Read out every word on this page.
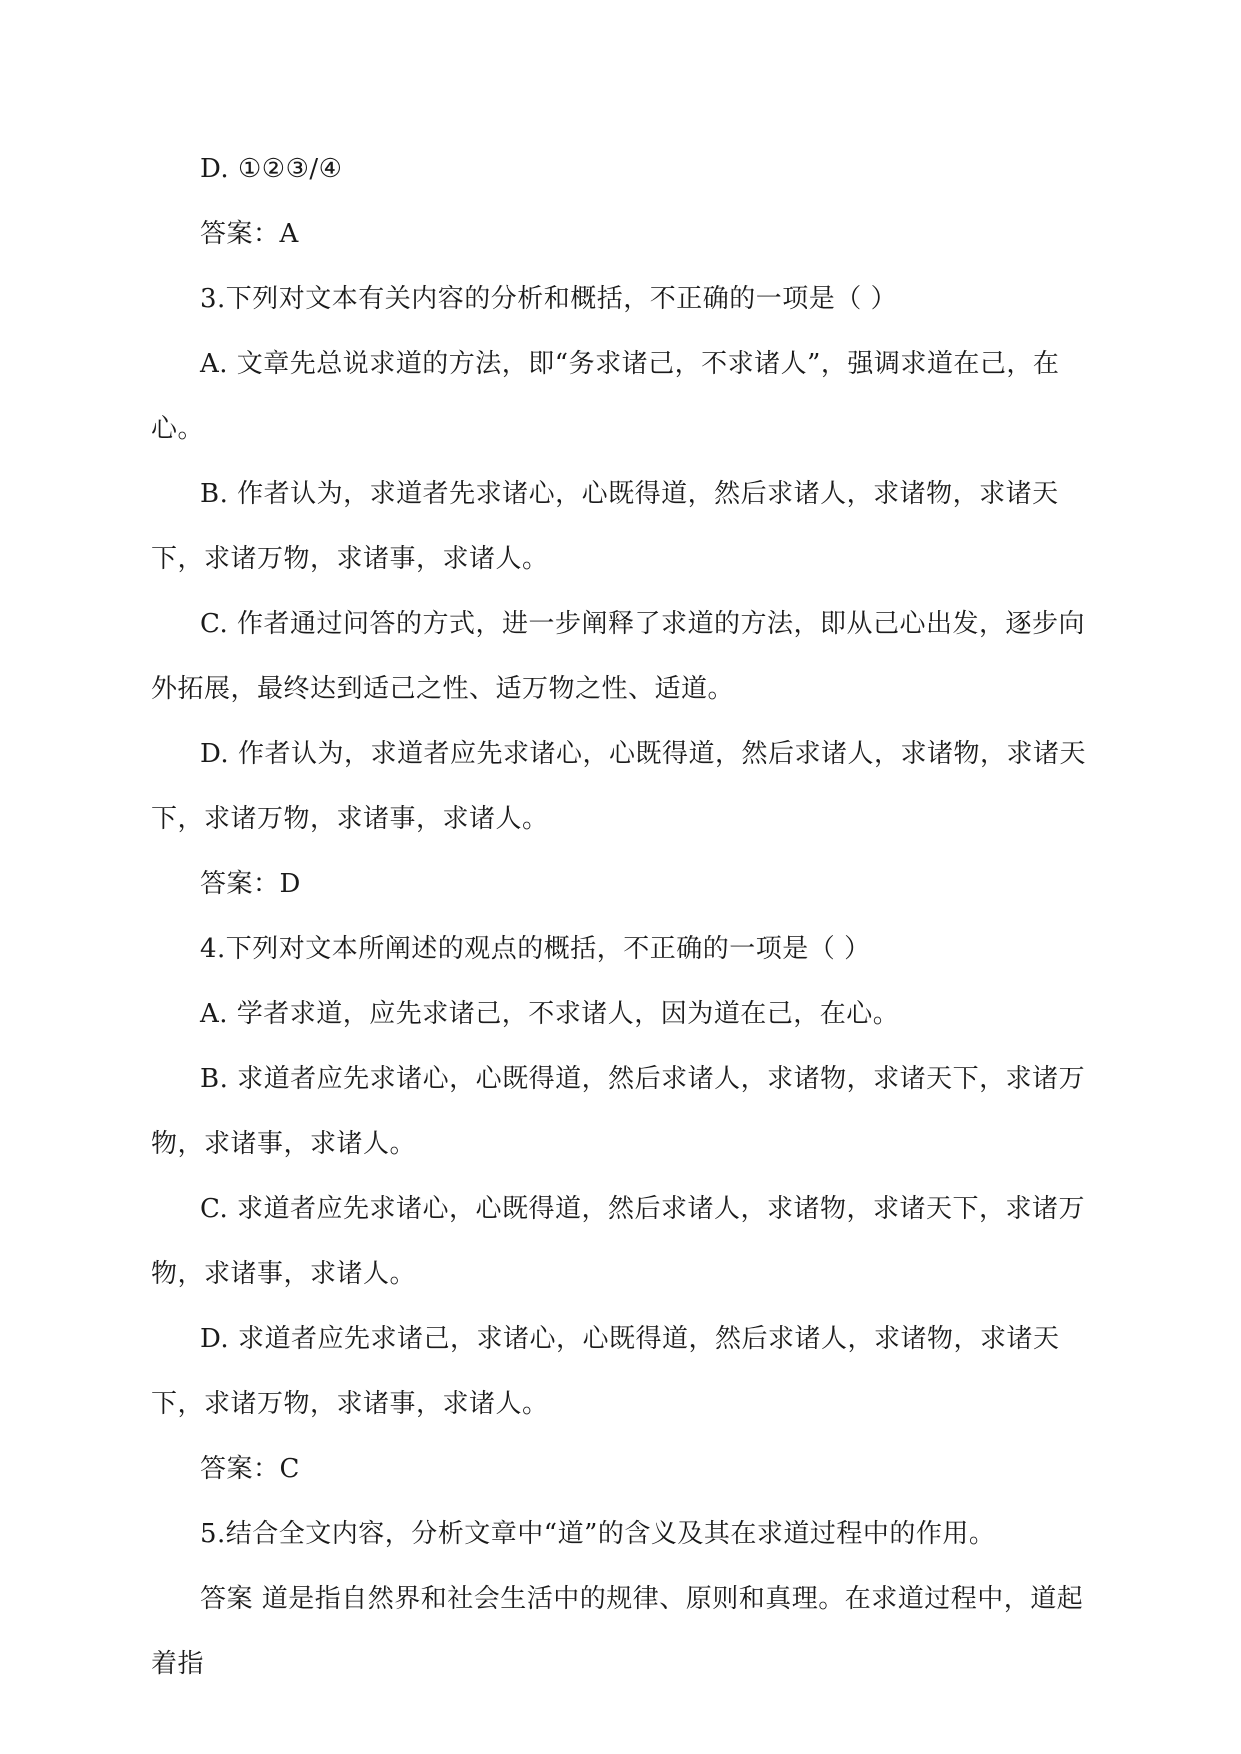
D. ①②③/④

答案：A

3.下列对文本有关内容的分析和概括，不正确的一项是（ ）

A. 文章先总说求道的方法，即“务求诸己，不求诸人”，强调求道在己，在心。

B. 作者认为，求道者先求诸心，心既得道，然后求诸人，求诸物，求诸天下，求诸万物，求诸事，求诸人。

C. 作者通过问答的方式，进一步阐释了求道的方法，即从己心出发，逐步向外拓展，最终达到适己之性、适万物之性、适道。

D. 作者认为，求道者应先求诸心，心既得道，然后求诸人，求诸物，求诸天下，求诸万物，求诸事，求诸人。

答案：D

4.下列对文本所阐述的观点的概括，不正确的一项是（ ）

A. 学者求道，应先求诸己，不求诸人，因为道在己，在心。

B. 求道者应先求诸心，心既得道，然后求诸人，求诸物，求诸天下，求诸万物，求诸事，求诸人。

C. 求道者应先求诸心，心既得道，然后求诸人，求诸物，求诸天下，求诸万物，求诸事，求诸人。

D. 求道者应先求诸己，求诸心，心既得道，然后求诸人，求诸物，求诸天下，求诸万物，求诸事，求诸人。

答案：C

5.结合全文内容，分析文章中“道”的含义及其在求道过程中的作用。

答案 道是指自然界和社会生活中的规律、原则和真理。在求道过程中，道起着指
